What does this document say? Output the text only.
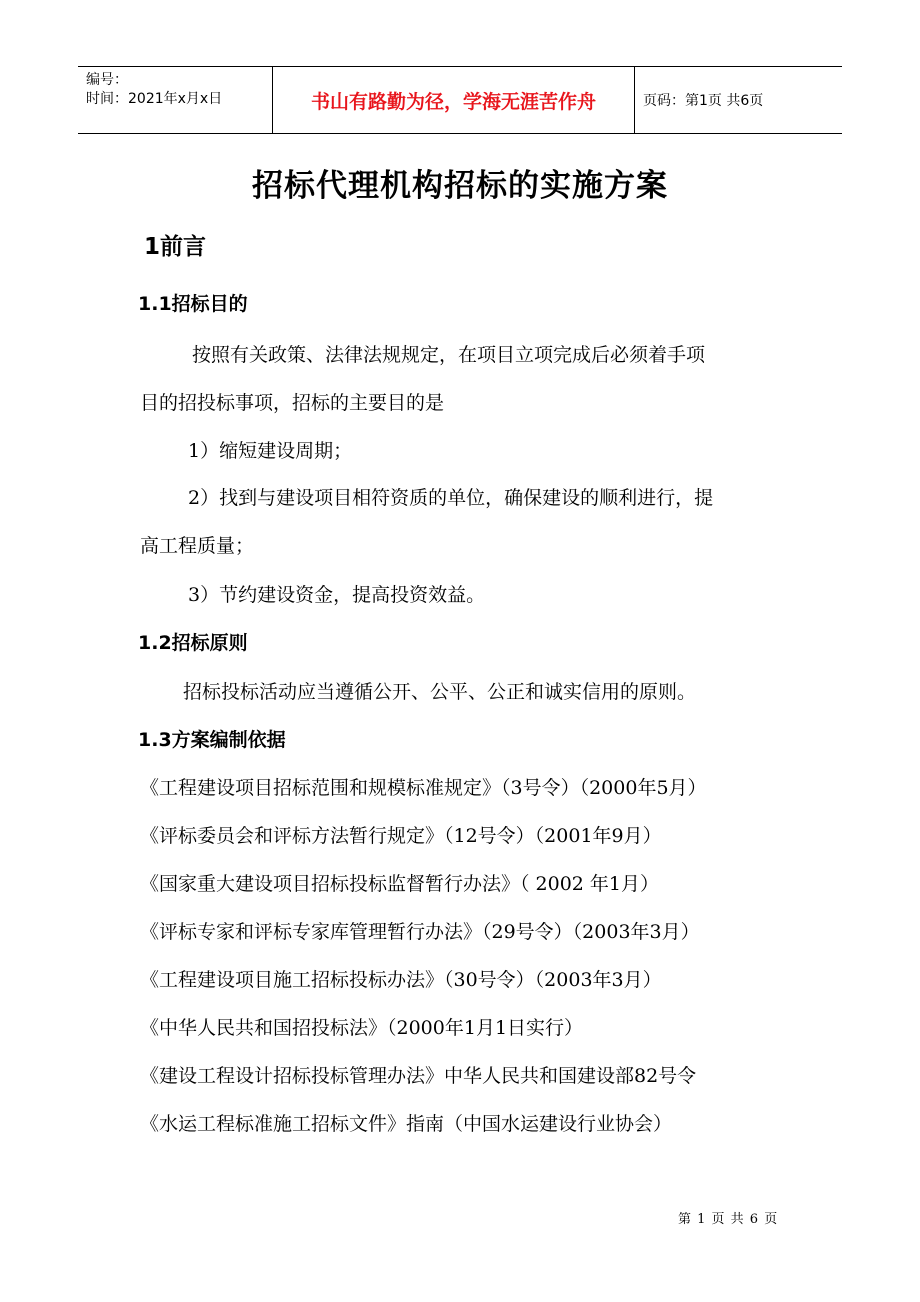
编号：
时间：2021年x月x日	书山有路勤为径，学海无涯苦作舟	页码：第1页 共6页
招标代理机构招标的实施方案
1前言
1.1招标目的
按照有关政策、法律法规规定，在项目立项完成后必须着手项
目的招投标事项，招标的主要目的是
1）缩短建设周期；
2）找到与建设项目相符资质的单位，确保建设的顺利进行，提
高工程质量；
3）节约建设资金，提高投资效益。
1.2招标原则
招标投标活动应当遵循公开、公平、公正和诚实信用的原则。
1.3方案编制依据
《工程建设项目招标范围和规模标准规定》（3号令）（2000年5月）
《评标委员会和评标方法暂行规定》（12号令）（2001年9月）
《国家重大建设项目招标投标监督暂行办法》（ 2002 年1月）
《评标专家和评标专家库管理暂行办法》（29号令）（2003年3月）
《工程建设项目施工招标投标办法》（30号令）（2003年3月）
《中华人民共和国招投标法》（2000年1月1日实行）
《建设工程设计招标投标管理办法》中华人民共和国建设部82号令
《水运工程标准施工招标文件》指南（中国水运建设行业协会）
第 1 页 共 6 页
